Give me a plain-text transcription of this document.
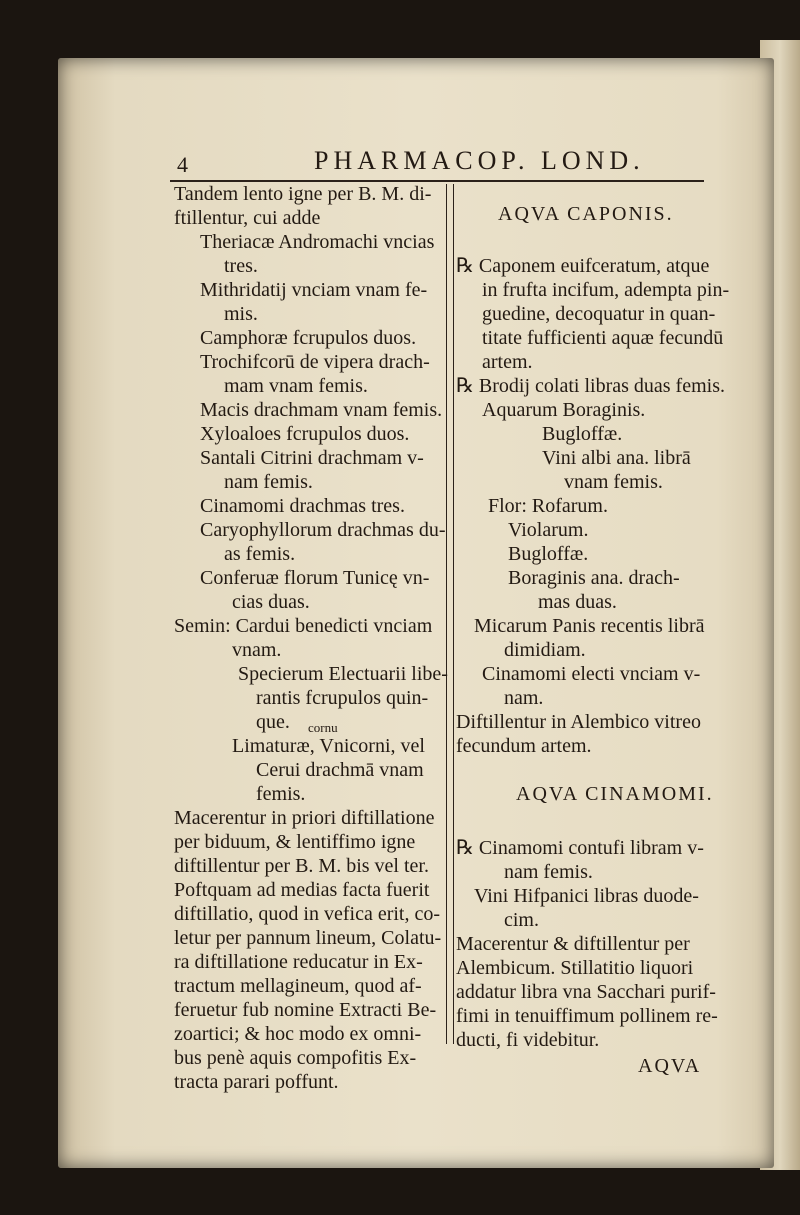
4	PHARMACOP. LOND.
Tandem lento igne per B. M. di-
ftillentur, cui adde
Theriacæ Andromachi vncias
tres.
Mithridatij vnciam vnam fe-
mis.
Camphoræ fcrupulos duos.
Trochifcorū de vipera drach-
mam vnam femis.
Macis drachmam vnam femis.
Xyloaloes fcrupulos duos.
Santali Citrini drachmam v-
nam femis.
Cinamomi drachmas tres.
Caryophyllorum drachmas du-
as femis.
Conferuæ florum Tunicę vn-
cias duas.
Semin: Cardui benedicti vnciam
vnam.
Specierum Electuarii libe-
rantis fcrupulos quin-
que. cornu
Limaturæ, Vnicorni, vel
Cerui drachmā vnam
femis.
Macerentur in priori diftillatione
per biduum, & lentiffimo igne
diftillentur per B. M. bis vel ter.
Poftquam ad medias facta fuerit
diftillatio, quod in vefica erit, co-
letur per pannum lineum, Colatu-
ra diftillatione reducatur in Ex-
tractum mellagineum, quod af-
feruetur fub nomine Extracti Be-
zoartici; & hoc modo ex omni-
bus penè aquis compofitis Ex-
tracta parari poffunt.
AQVA CAPONIS.
℞ Caponem euifceratum, atque
in frufta incifum, adempta pin-
guedine, decoquatur in quan-
titate fufficienti aquæ fecundū
artem.
℞ Brodij colati libras duas femis.
Aquarum Boraginis.
Bugloffæ.
Vini albi ana. librā
vnam femis.
Flor: Rofarum.
Violarum.
Bugloffæ.
Boraginis ana. drach-
mas duas.
Micarum Panis recentis librā
dimidiam.
Cinamomi electi vnciam v-
nam.
Diftillentur in Alembico vitreo
fecundum artem.
AQVA CINAMOMI.
℞ Cinamomi contufi libram v-
nam femis.
Vini Hifpanici libras duode-
cim.
Macerentur & diftillentur per
Alembicum. Stillatitio liquori
addatur libra vna Sacchari purif-
fimi in tenuiffimum pollinem re-
ducti, fi videbitur.
AQVA
